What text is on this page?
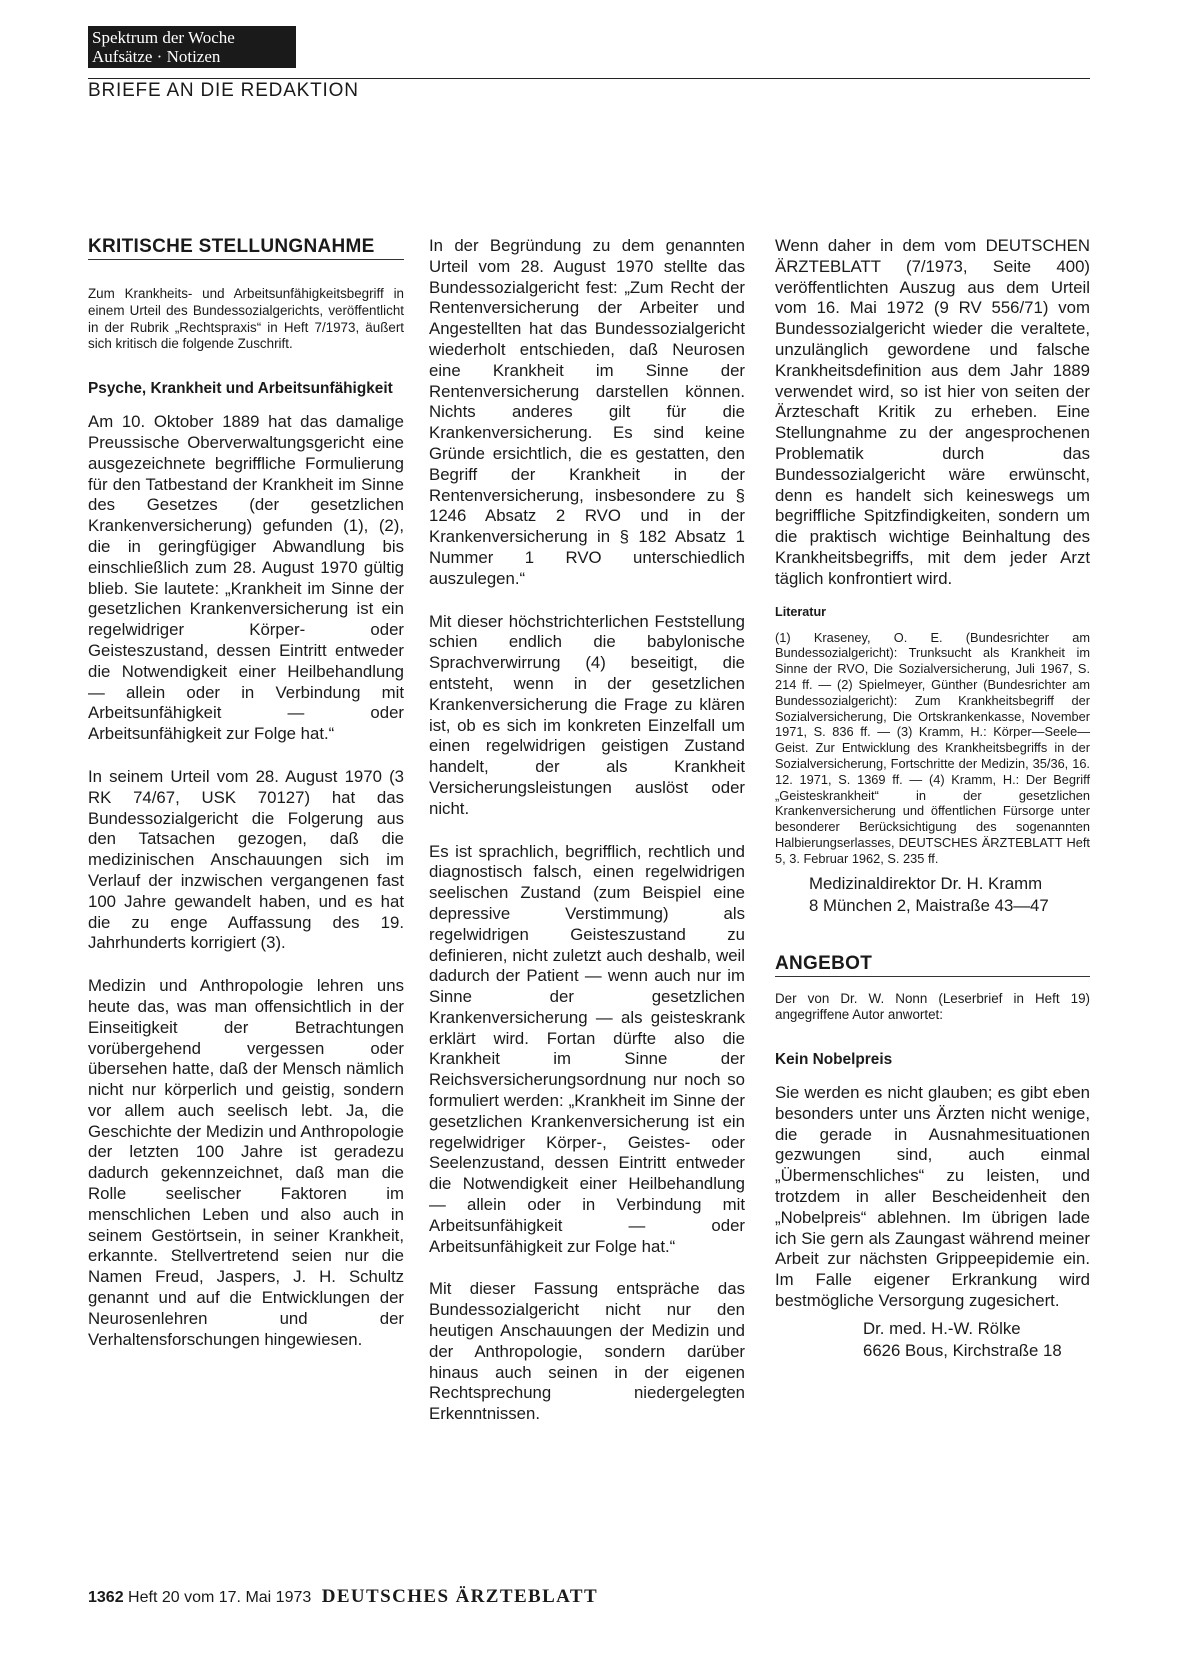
Spektrum der Woche
Aufsätze · Notizen
BRIEFE AN DIE REDAKTION
KRITISCHE STELLUNGNAHME

Zum Krankheits- und Arbeitsunfähigkeitsbegriff in einem Urteil des Bundessozialgerichts, veröffentlicht in der Rubrik „Rechtspraxis“ in Heft 7/1973, äußert sich kritisch die folgende Zuschrift.

Psyche, Krankheit und Arbeitsunfähigkeit

Am 10. Oktober 1889 hat das damalige Preussische Oberverwaltungsgericht eine ausgezeichnete begriffliche Formulierung für den Tatbestand der Krankheit im Sinne des Gesetzes (der gesetzlichen Krankenversicherung) gefunden (1), (2), die in geringfügiger Abwandlung bis einschließlich zum 28. August 1970 gültig blieb. Sie lautete: „Krankheit im Sinne der gesetzlichen Krankenversicherung ist ein regelwidriger Körper- oder Geisteszustand, dessen Eintritt entweder die Notwendigkeit einer Heilbehandlung — allein oder in Verbindung mit Arbeitsunfähigkeit — oder Arbeitsunfähigkeit zur Folge hat.“

In seinem Urteil vom 28. August 1970 (3 RK 74/67, USK 70127) hat das Bundessozialgericht die Folgerung aus den Tatsachen gezogen, daß die medizinischen Anschauungen sich im Verlauf der inzwischen vergangenen fast 100 Jahre gewandelt haben, und es hat die zu enge Auffassung des 19. Jahrhunderts korrigiert (3).

Medizin und Anthropologie lehren uns heute das, was man offensichtlich in der Einseitigkeit der Betrachtungen vorübergehend vergessen oder übersehen hatte, daß der Mensch nämlich nicht nur körperlich und geistig, sondern vor allem auch seelisch lebt. Ja, die Geschichte der Medizin und Anthropologie der letzten 100 Jahre ist geradezu dadurch gekennzeichnet, daß man die Rolle seelischer Faktoren im menschlichen Leben und also auch in seinem Gestörtsein, in seiner Krankheit, erkannte. Stellvertretend seien nur die Namen Freud, Jaspers, J. H. Schultz genannt und auf die Entwicklungen der Neurosenlehren und der Verhaltensforschungen hingewiesen.

In der Begründung zu dem genannten Urteil vom 28. August 1970 stellte das Bundessozialgericht fest: „Zum Recht der Rentenversicherung der Arbeiter und Angestellten hat das Bundessozialgericht wiederholt entschieden, daß Neurosen eine Krankheit im Sinne der Rentenversicherung darstellen können. Nichts anderes gilt für die Krankenversicherung. Es sind keine Gründe ersichtlich, die es gestatten, den Begriff der Krankheit in der Rentenversicherung, insbesondere zu § 1246 Absatz 2 RVO und in der Krankenversicherung in § 182 Absatz 1 Nummer 1 RVO unterschiedlich auszulegen.“

Mit dieser höchstrichterlichen Feststellung schien endlich die babylonische Sprachverwirrung (4) beseitigt, die entsteht, wenn in der gesetzlichen Krankenversicherung die Frage zu klären ist, ob es sich im konkreten Einzelfall um einen regelwidrigen geistigen Zustand handelt, der als Krankheit Versicherungsleistungen auslöst oder nicht.

Es ist sprachlich, begrifflich, rechtlich und diagnostisch falsch, einen regelwidrigen seelischen Zustand (zum Beispiel eine depressive Verstimmung) als regelwidrigen Geisteszustand zu definieren, nicht zuletzt auch deshalb, weil dadurch der Patient — wenn auch nur im Sinne der gesetzlichen Krankenversicherung — als geisteskrank erklärt wird. Fortan dürfte also die Krankheit im Sinne der Reichsversicherungsordnung nur noch so formuliert werden: „Krankheit im Sinne der gesetzlichen Krankenversicherung ist ein regelwidriger Körper-, Geistes- oder Seelenzustand, dessen Eintritt entweder die Notwendigkeit einer Heilbehandlung — allein oder in Verbindung mit Arbeitsunfähigkeit — oder Arbeitsunfähigkeit zur Folge hat.“

Mit dieser Fassung entspräche das Bundessozialgericht nicht nur den heutigen Anschauungen der Medizin und der Anthropologie, sondern darüber hinaus auch seinen in der eigenen Rechtsprechung niedergelegten Erkenntnissen.

Wenn daher in dem vom DEUTSCHEN ÄRZTEBLATT (7/1973, Seite 400) veröffentlichten Auszug aus dem Urteil vom 16. Mai 1972 (9 RV 556/71) vom Bundessozialgericht wieder die veraltete, unzulänglich gewordene und falsche Krankheitsdefinition aus dem Jahr 1889 verwendet wird, so ist hier von seiten der Ärzteschaft Kritik zu erheben. Eine Stellungnahme zu der angesprochenen Problematik durch das Bundessozialgericht wäre erwünscht, denn es handelt sich keineswegs um begriffliche Spitzfindigkeiten, sondern um die praktisch wichtige Beinhaltung des Krankheitsbegriffs, mit dem jeder Arzt täglich konfrontiert wird.

Literatur

(1) Kraseney, O. E. (Bundesrichter am Bundessozialgericht): Trunksucht als Krankheit im Sinne der RVO, Die Sozialversicherung, Juli 1967, S. 214 ff. — (2) Spielmeyer, Günther (Bundesrichter am Bundessozialgericht): Zum Krankheitsbegriff der Sozialversicherung, Die Ortskrankenkasse, November 1971, S. 836 ff. — (3) Kramm, H.: Körper—Seele—Geist. Zur Entwicklung des Krankheitsbegriffs in der Sozialversicherung, Fortschritte der Medizin, 35/36, 16. 12. 1971, S. 1369 ff. — (4) Kramm, H.: Der Begriff „Geisteskrankheit“ in der gesetzlichen Krankenversicherung und öffentlichen Fürsorge unter besonderer Berücksichtigung des sogenannten Halbierungserlasses, DEUTSCHES ÄRZTEBLATT Heft 5, 3. Februar 1962, S. 235 ff.

Medizinaldirektor Dr. H. Kramm
8 München 2, Maistraße 43—47
ANGEBOT

Der von Dr. W. Nonn (Leserbrief in Heft 19) angegriffene Autor anwortet:

Kein Nobelpreis

Sie werden es nicht glauben; es gibt eben besonders unter uns Ärzten nicht wenige, die gerade in Ausnahmesituationen gezwungen sind, auch einmal „Übermenschliches“ zu leisten, und trotzdem in aller Bescheidenheit den „Nobelpreis“ ablehnen. Im übrigen lade ich Sie gern als Zaungast während meiner Arbeit zur nächsten Grippeepidemie ein. Im Falle eigener Erkrankung wird bestmögliche Versorgung zugesichert.

Dr. med. H.-W. Rölke
6626 Bous, Kirchstraße 18
1362 Heft 20 vom 17. Mai 1973 DEUTSCHES ÄRZTEBLATT
